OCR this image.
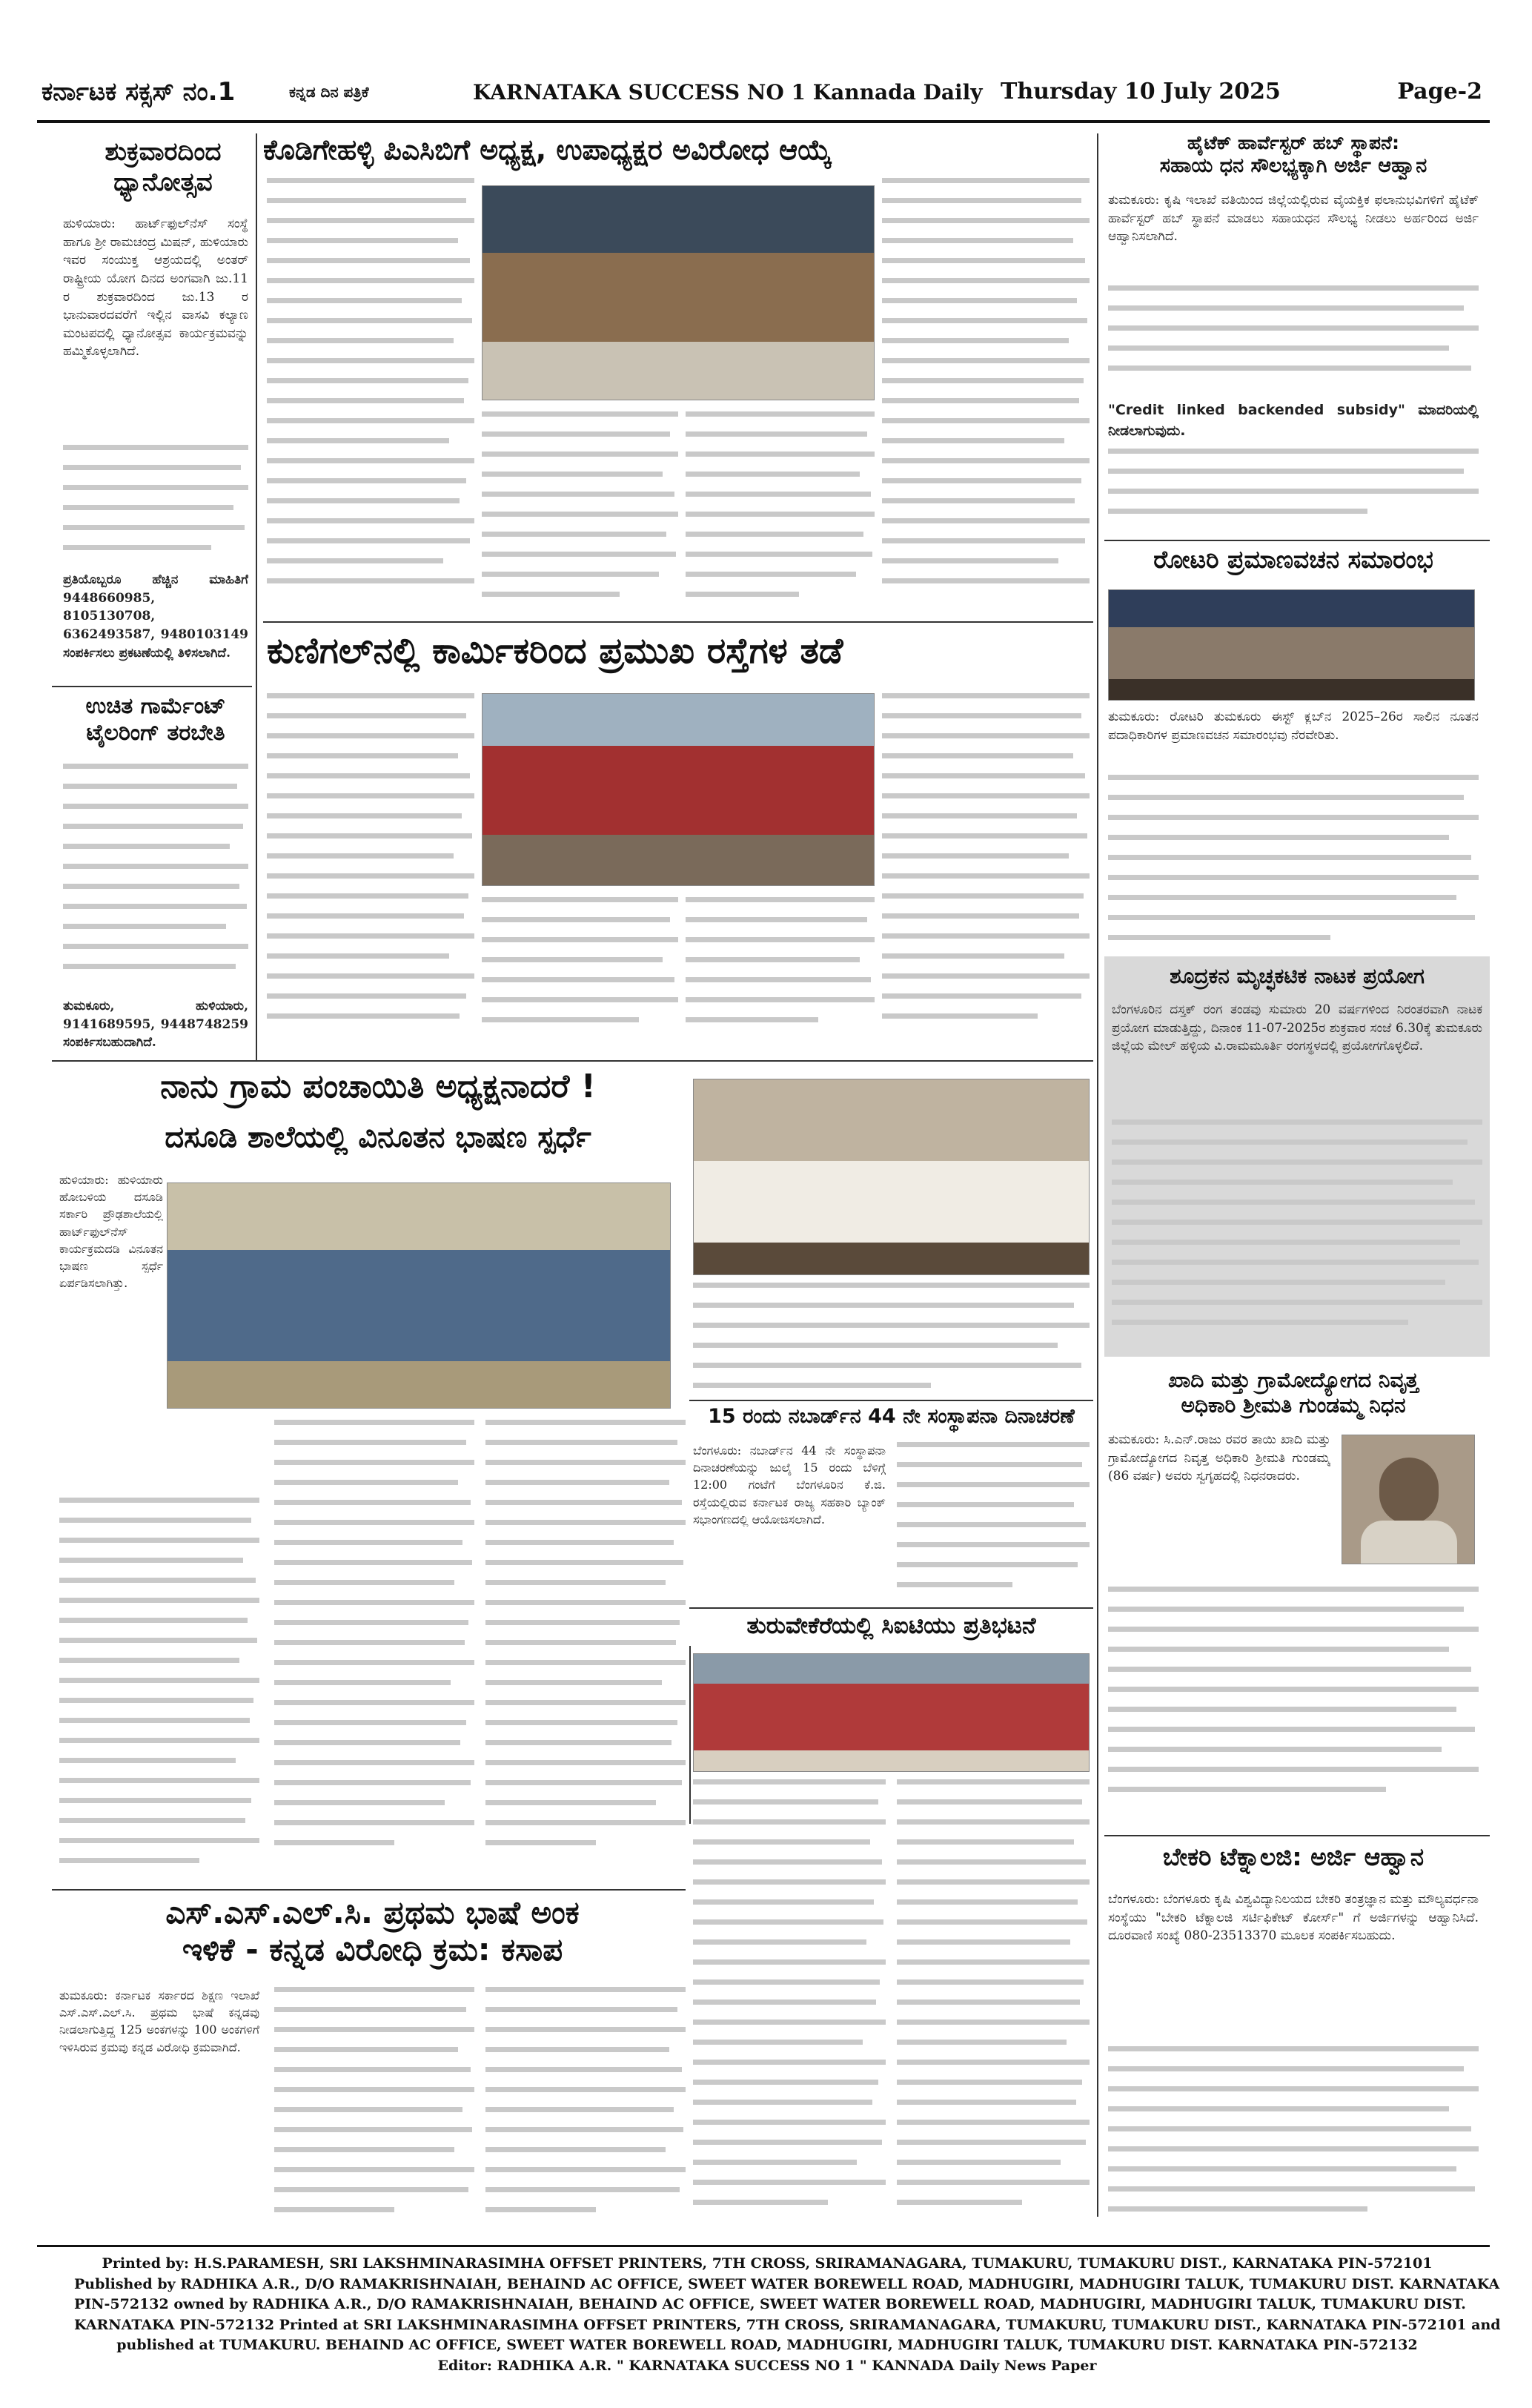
ಕರ್ನಾಟಕ ಸಕ್ಸಸ್ ನಂ.1	ಕನ್ನಡ ದಿನ ಪತ್ರಿಕೆ	KARNATAKA SUCCESS NO 1 Kannada Daily Thursday 10 July 2025	Page-2
ಶುಕ್ರವಾರದಿಂದ
ಧ್ಯಾನೋತ್ಸವ
ಹುಳಿಯಾರು: ಹಾರ್ಟ್‌ಫುಲ್‌ನೆಸ್ ಸಂಸ್ಥೆ ಹಾಗೂ ಶ್ರೀ ರಾಮಚಂದ್ರ ಮಿಷನ್, ಹುಳಿಯಾರು ಇವರ ಸಂಯುಕ್ತ ಆಶ್ರಯದಲ್ಲಿ ಅಂತರ್ ರಾಷ್ಟ್ರೀಯ ಯೋಗ ದಿನದ ಅಂಗವಾಗಿ ಜು.11 ರ ಶುಕ್ರವಾರದಿಂದ ಜು.13 ರ ಭಾನುವಾರದವರೆಗೆ ಇಲ್ಲಿನ ವಾಸವಿ ಕಲ್ಯಾಣ ಮಂಟಪದಲ್ಲಿ ಧ್ಯಾನೋತ್ಸವ ಕಾರ್ಯಕ್ರಮವನ್ನು ಹಮ್ಮಿಕೊಳ್ಳಲಾಗಿದೆ.
ಪ್ರತಿಯೊಬ್ಬರೂ ಹೆಚ್ಚಿನ ಮಾಹಿತಿಗೆ 9448660985, 8105130708, 6362493587, 9480103149 ಸಂಪರ್ಕಿಸಲು ಪ್ರಕಟಣೆಯಲ್ಲಿ ತಿಳಿಸಲಾಗಿದೆ.
ಉಚಿತ ಗಾರ್ಮೆಂಟ್
ಟೈಲರಿಂಗ್ ತರಬೇತಿ
ತುಮಕೂರು, ಹುಳಿಯಾರು, 9141689595, 9448748259 ಸಂಪರ್ಕಿಸಬಹುದಾಗಿದೆ.
ಕೊಡಿಗೇಹಳ್ಳಿ ಪಿಎಸಿಬಿಗೆ ಅಧ್ಯಕ್ಷ, ಉಪಾಧ್ಯಕ್ಷರ ಅವಿರೋಧ ಆಯ್ಕೆ
ಕುಣಿಗಲ್‌ನಲ್ಲಿ ಕಾರ್ಮಿಕರಿಂದ ಪ್ರಮುಖ ರಸ್ತೆಗಳ ತಡೆ
ಹೈಟೆಕ್ ಹಾರ್ವೆಸ್ಟರ್ ಹಬ್ ಸ್ಥಾಪನೆ:
ಸಹಾಯ ಧನ ಸೌಲಭ್ಯಕ್ಕಾಗಿ ಅರ್ಜಿ ಆಹ್ವಾನ
ತುಮಕೂರು: ಕೃಷಿ ಇಲಾಖೆ ವತಿಯಿಂದ ಜಿಲ್ಲೆಯಲ್ಲಿರುವ ವೈಯಕ್ತಿಕ ಫಲಾನುಭವಿಗಳಿಗೆ ಹೈಟೆಕ್ ಹಾರ್ವೆಸ್ಟರ್ ಹಬ್ ಸ್ಥಾಪನೆ ಮಾಡಲು ಸಹಾಯಧನ ಸೌಲಭ್ಯ ನೀಡಲು ಅರ್ಹರಿಂದ ಅರ್ಜಿ ಆಹ್ವಾನಿಸಲಾಗಿದೆ.
"Credit linked backended subsidy" ಮಾದರಿಯಲ್ಲಿ ನೀಡಲಾಗುವುದು.
ರೋಟರಿ ಪ್ರಮಾಣವಚನ ಸಮಾರಂಭ
ತುಮಕೂರು: ರೋಟರಿ ತುಮಕೂರು ಈಸ್ಟ್ ಕ್ಲಬ್‌ನ 2025–26ರ ಸಾಲಿನ ನೂತನ ಪದಾಧಿಕಾರಿಗಳ ಪ್ರಮಾಣವಚನ ಸಮಾರಂಭವು ನೆರವೇರಿತು.
ಶೂದ್ರಕನ ಮೃಚ್ಛಕಟಿಕ ನಾಟಕ ಪ್ರಯೋಗ
ಬೆಂಗಳೂರಿನ ದಸ್ತಕ್ ರಂಗ ತಂಡವು ಸುಮಾರು 20 ವರ್ಷಗಳಿಂದ ನಿರಂತರವಾಗಿ ನಾಟಕ ಪ್ರಯೋಗ ಮಾಡುತ್ತಿದ್ದು, ದಿನಾಂಕ 11-07-2025ರ ಶುಕ್ರವಾರ ಸಂಜೆ 6.30ಕ್ಕೆ ತುಮಕೂರು ಜಿಲ್ಲೆಯ ಮೇಲ್ ಹಳ್ಳಿಯ ವಿ.ರಾಮಮೂರ್ತಿ ರಂಗಸ್ಥಳದಲ್ಲಿ ಪ್ರಯೋಗಗೊಳ್ಳಲಿದೆ.
ಖಾದಿ ಮತ್ತು ಗ್ರಾಮೋದ್ಯೋಗದ ನಿವೃತ್ತ
ಅಧಿಕಾರಿ ಶ್ರೀಮತಿ ಗುಂಡಮ್ಮ ನಿಧನ
ತುಮಕೂರು: ಸಿ.ಎನ್.ರಾಜು ರವರ ತಾಯಿ ಖಾದಿ ಮತ್ತು ಗ್ರಾಮೋದ್ಯೋಗದ ನಿವೃತ್ತ ಅಧಿಕಾರಿ ಶ್ರೀಮತಿ ಗುಂಡಮ್ಮ (86 ವರ್ಷ) ಅವರು ಸ್ವಗೃಹದಲ್ಲಿ ನಿಧನರಾದರು.
ಬೇಕರಿ ಟೆಕ್ನಾಲಜಿ: ಅರ್ಜಿ ಆಹ್ವಾನ
ಬೆಂಗಳೂರು: ಬೆಂಗಳೂರು ಕೃಷಿ ವಿಶ್ವವಿದ್ಯಾನಿಲಯದ ಬೇಕರಿ ತಂತ್ರಜ್ಞಾನ ಮತ್ತು ಮೌಲ್ಯವರ್ಧನಾ ಸಂಸ್ಥೆಯು "ಬೇಕರಿ ಟೆಕ್ನಾಲಜಿ ಸರ್ಟಿಫಿಕೇಟ್ ಕೋರ್ಸ್" ಗೆ ಅರ್ಜಿಗಳನ್ನು ಆಹ್ವಾನಿಸಿದೆ. ದೂರವಾಣಿ ಸಂಖ್ಯೆ 080-23513370 ಮೂಲಕ ಸಂಪರ್ಕಿಸಬಹುದು.
ನಾನು ಗ್ರಾಮ ಪಂಚಾಯಿತಿ ಅಧ್ಯಕ್ಷನಾದರೆ !
ದಸೂಡಿ ಶಾಲೆಯಲ್ಲಿ ವಿನೂತನ ಭಾಷಣ ಸ್ಪರ್ಧೆ
ಹುಳಿಯಾರು: ಹುಳಿಯಾರು ಹೋಬಳಿಯ ದಸೂಡಿ ಸರ್ಕಾರಿ ಪ್ರೌಢಶಾಲೆಯಲ್ಲಿ ಹಾರ್ಟ್‌ಫುಲ್‌ನೆಸ್ ಕಾರ್ಯಕ್ರಮದಡಿ ವಿನೂತನ ಭಾಷಣ ಸ್ಪರ್ಧೆ ಏರ್ಪಡಿಸಲಾಗಿತ್ತು.
15 ರಂದು ನಬಾರ್ಡ್‌ನ 44 ನೇ ಸಂಸ್ಥಾಪನಾ ದಿನಾಚರಣೆ
ಬೆಂಗಳೂರು: ನಬಾರ್ಡ್‌ನ 44 ನೇ ಸಂಸ್ಥಾಪನಾ ದಿನಾಚರಣೆಯನ್ನು ಜುಲೈ 15 ರಂದು ಬೆಳಿಗ್ಗೆ 12:00 ಗಂಟೆಗೆ ಬೆಂಗಳೂರಿನ ಕೆ.ಜಿ. ರಸ್ತೆಯಲ್ಲಿರುವ ಕರ್ನಾಟಕ ರಾಜ್ಯ ಸಹಕಾರಿ ಬ್ಯಾಂಕ್ ಸಭಾಂಗಣದಲ್ಲಿ ಆಯೋಜಿಸಲಾಗಿದೆ.
ತುರುವೇಕೆರೆಯಲ್ಲಿ ಸಿಐಟಿಯು ಪ್ರತಿಭಟನೆ
ಎಸ್.ಎಸ್.ಎಲ್.ಸಿ. ಪ್ರಥಮ ಭಾಷೆ ಅಂಕ
ಇಳಿಕೆ - ಕನ್ನಡ ವಿರೋಧಿ ಕ್ರಮ: ಕಸಾಪ
ತುಮಕೂರು: ಕರ್ನಾಟಕ ಸರ್ಕಾರದ ಶಿಕ್ಷಣ ಇಲಾಖೆ ಎಸ್.ಎಸ್.ಎಲ್.ಸಿ. ಪ್ರಥಮ ಭಾಷೆ ಕನ್ನಡವು ನೀಡಲಾಗುತ್ತಿದ್ದ 125 ಅಂಕಗಳನ್ನು 100 ಅಂಕಗಳಿಗೆ ಇಳಿಸಿರುವ ಕ್ರಮವು ಕನ್ನಡ ವಿರೋಧಿ ಕ್ರಮವಾಗಿದೆ.
Printed by: H.S.PARAMESH, SRI LAKSHMINARASIMHA OFFSET PRINTERS, 7TH CROSS, SRIRAMANAGARA, TUMAKURU, TUMAKURU DIST., KARNATAKA PIN-572101
Published by RADHIKA A.R., D/O RAMAKRISHNAIAH, BEHAIND AC OFFICE, SWEET WATER BOREWELL ROAD, MADHUGIRI, MADHUGIRI TALUK, TUMAKURU DIST. KARNATAKA
PIN-572132 owned by RADHIKA A.R., D/O RAMAKRISHNAIAH, BEHAIND AC OFFICE, SWEET WATER BOREWELL ROAD, MADHUGIRI, MADHUGIRI TALUK, TUMAKURU DIST.
KARNATAKA PIN-572132 Printed at SRI LAKSHMINARASIMHA OFFSET PRINTERS, 7TH CROSS, SRIRAMANAGARA, TUMAKURU, TUMAKURU DIST., KARNATAKA PIN-572101 and
published at TUMAKURU. BEHAIND AC OFFICE, SWEET WATER BOREWELL ROAD, MADHUGIRI, MADHUGIRI TALUK, TUMAKURU DIST. KARNATAKA PIN-572132
Editor: RADHIKA A.R. " KARNATAKA SUCCESS NO 1 " KANNADA Daily News Paper
